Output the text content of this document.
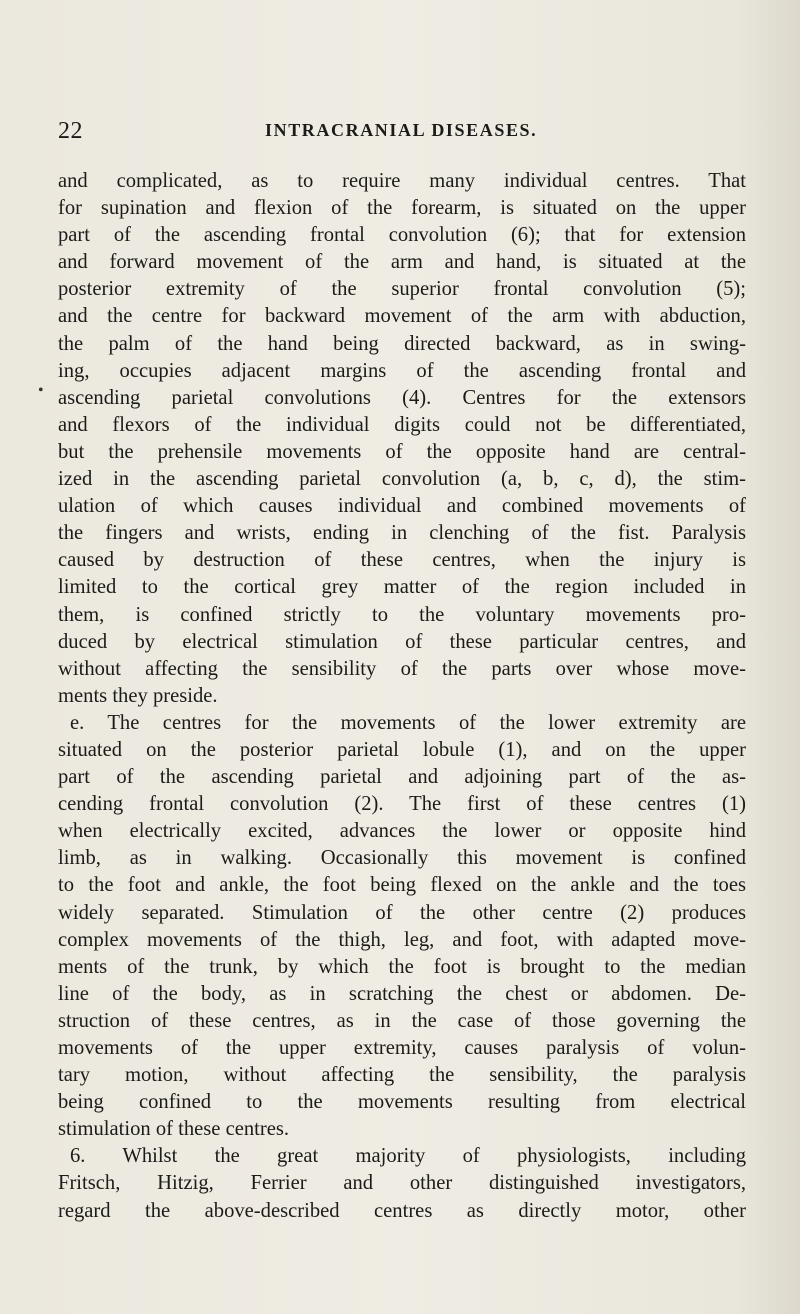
22	INTRACRANIAL DISEASES.
•
and complicated, as to require many individual centres. That
for supination and flexion of the forearm, is situated on the upper
part of the ascending frontal convolution (6); that for extension
and forward movement of the arm and hand, is situated at the
posterior extremity of the superior frontal convolution (5);
and the centre for backward movement of the arm with abduction,
the palm of the hand being directed backward, as in swing-
ing, occupies adjacent margins of the ascending frontal and
ascending parietal convolutions (4). Centres for the extensors
and flexors of the individual digits could not be differentiated,
but the prehensile movements of the opposite hand are central-
ized in the ascending parietal convolution (a, b, c, d), the stim-
ulation of which causes individual and combined movements of
the fingers and wrists, ending in clenching of the fist. Paralysis
caused by destruction of these centres, when the injury is
limited to the cortical grey matter of the region included in
them, is confined strictly to the voluntary movements pro-
duced by electrical stimulation of these particular centres, and
without affecting the sensibility of the parts over whose move-
ments they preside.
e. The centres for the movements of the lower extremity are
situated on the posterior parietal lobule (1), and on the upper
part of the ascending parietal and adjoining part of the as-
cending frontal convolution (2). The first of these centres (1)
when electrically excited, advances the lower or opposite hind
limb, as in walking. Occasionally this movement is confined
to the foot and ankle, the foot being flexed on the ankle and the toes
widely separated. Stimulation of the other centre (2) produces
complex movements of the thigh, leg, and foot, with adapted move-
ments of the trunk, by which the foot is brought to the median
line of the body, as in scratching the chest or abdomen. De-
struction of these centres, as in the case of those governing the
movements of the upper extremity, causes paralysis of volun-
tary motion, without affecting the sensibility, the paralysis
being confined to the movements resulting from electrical
stimulation of these centres.
6. Whilst the great majority of physiologists, including
Fritsch, Hitzig, Ferrier and other distinguished investigators,
regard the above-described centres as directly motor, other
